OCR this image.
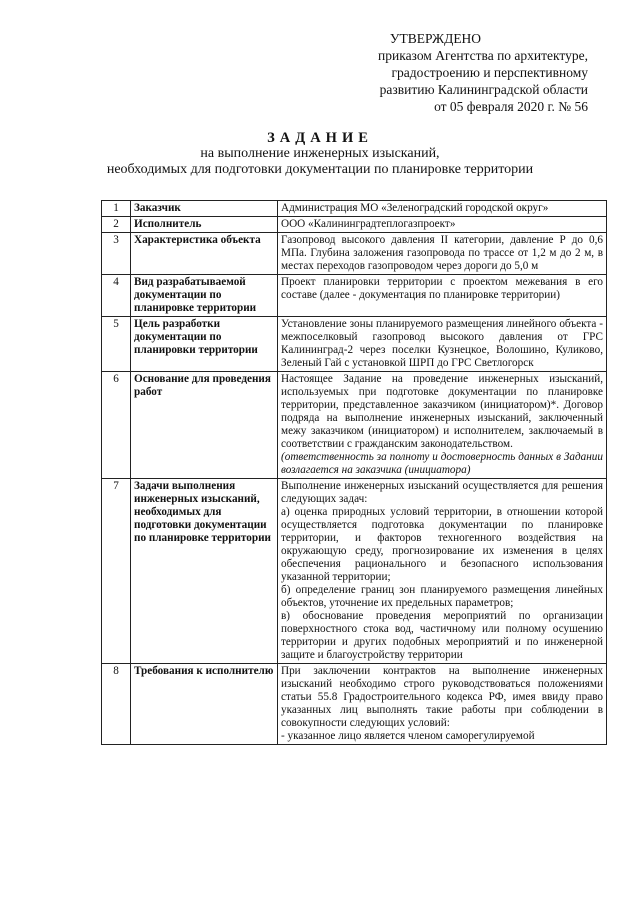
УТВЕРЖДЕНО
приказом Агентства по архитектуре,
градостроению и перспективному
развитию Калининградской области
от 05 февраля 2020 г. № 56
ЗАДАНИЕ
на выполнение инженерных изысканий,
необходимых для подготовки документации по планировке территории
1	Заказчик	Администрация МО «Зеленоградский городской округ»

2	Исполнитель	ООО «Калининградтеплогазпроект»

3	Характеристика объекта	Газопровод высокого давления II категории, давление Р до 0,6 МПа. Глубина заложения газопровода по трассе от 1,2 м до 2 м, в местах переходов газопроводом через дороги до 5,0 м

4	Вид разрабатываемой документации по планировке территории	Проект планировки территории с проектом межевания в его составе (далее - документация по планировке территории)

5	Цель разработки документации по планировки территории	Установление зоны планируемого размещения линейного объекта - межпоселковый газопровод высокого давления от ГРС Калининград-2 через поселки Кузнецкое, Волошино, Куликово, Зеленый Гай с установкой ШРП до ГРС Светлогорск

6	Основание для проведения работ	Настоящее Задание на проведение инженерных изысканий, используемых при подготовке документации по планировке территории, представленное заказчиком (инициатором)*. Договор подряда на выполнение инженерных изысканий, заключенный межу заказчиком (инициатором) и исполнителем, заключаемый в соответствии с гражданским законодательством.
(ответственность за полноту и достоверность данных в Задании возлагается на заказчика (инициатора)

7	Задачи выполнения инженерных изысканий, необходимых для подготовки документации по планировке территории	Выполнение инженерных изысканий осуществляется для решения следующих задач:
а) оценка природных условий территории, в отношении которой осуществляется подготовка документации по планировке территории, и факторов техногенного воздействия на окружающую среду, прогнозирование их изменения в целях обеспечения рационального и безопасного использования указанной территории;
б) определение границ зон планируемого размещения линейных объектов, уточнение их предельных параметров;
в) обоснование проведения мероприятий по организации поверхностного стока вод, частичному или полному осушению территории и других подобных мероприятий и по инженерной защите и благоустройству территории

8	Требования к исполнителю	При заключении контрактов на выполнение инженерных изысканий необходимо строго руководствоваться положениями статьи 55.8 Градостроительного кодекса РФ, имея ввиду право указанных лиц выполнять такие работы при соблюдении в совокупности следующих условий:
- указанное лицо является членом саморегулируемой
